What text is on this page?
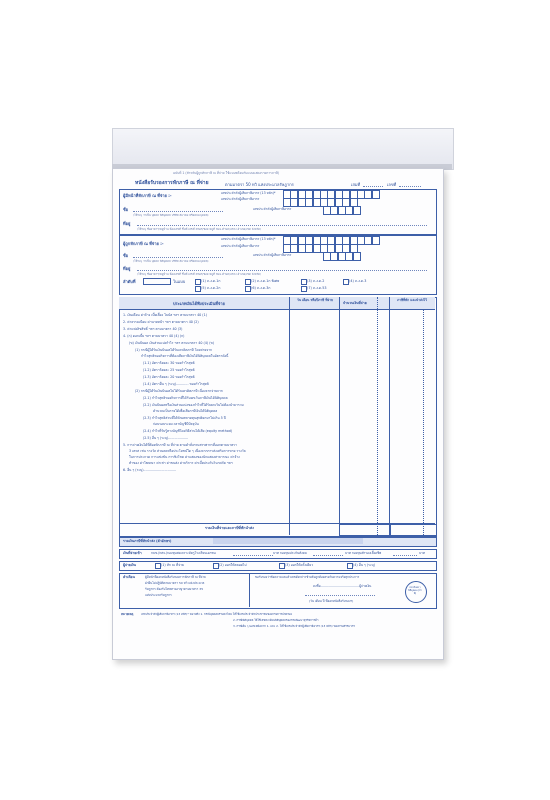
ฉบับที่ 1 (สำหรับผู้ถูกหักภาษี ณ ที่จ่าย ใช้แนบพร้อมกับแบบแสดงรายการภาษี)
หนังสือรับรองการหักภาษี ณ ที่จ่าย	ตามมาตรา 50 ทวิ แห่งประมวลรัษฎากร	เล่มที่	เลขที่
ผู้มีหน้าที่หักภาษี ณ ที่จ่าย :-	เลขประจำตัวผู้เสียภาษีอากร (13 หลัก)*
เลขประจำตัวผู้เสียภาษีอากร
ชื่อ	เลขประจำตัวผู้เสียภาษีอากร
(ให้ระบุ ว่าเป็น บุคคล นิติบุคคล บริษัท สมาคม หรือคณะบุคคล)
ที่อยู่
(ให้ระบุ ชื่ออาคาร/หมู่บ้าน ห้องเลขที่ ชั้นที่ เลขที่ ตรอก/ซอย หมู่ที่ ถนน ตำบล/แขวง อำเภอ/เขต จังหวัด)
ผู้ถูกหักภาษี ณ ที่จ่าย :-
เลขประจำตัวผู้เสียภาษีอากร (13 หลัก)*
เลขประจำตัวผู้เสียภาษีอากร
ชื่อ	เลขประจำตัวผู้เสียภาษีอากร
(ให้ระบุ ว่าเป็น บุคคล นิติบุคคล บริษัท สมาคม หรือคณะบุคคล)
ที่อยู่
(ให้ระบุ ชื่ออาคาร/หมู่บ้าน ห้องเลขที่ ชั้นที่ เลขที่ ตรอก/ซอย หมู่ที่ ถนน ตำบล/แขวง อำเภอ/เขต จังหวัด)
ลำดับที่	ในแบบ	(1) ภ.ง.ด.1ก	(2) ภ.ง.ด.1ก พิเศษ	(3) ภ.ง.ด.2	(4) ภ.ง.ด.3
(5) ภ.ง.ด.2ก	(6) ภ.ง.ด.3ก	(7) ภ.ง.ด.53
ประเภทเงินได้พึงประเมินที่จ่าย
วัน เดือน หรือปีภาษี ที่จ่าย
จำนวนเงินที่จ่าย
ภาษีที่หัก และนำส่งไว้
1. เงินเดือน ค่าจ้าง เบี้ยเลี้ยง โบนัส ฯลฯ ตามมาตรา 40 (1)
2. ค่าธรรมเนียม ค่านายหน้า ฯลฯ ตามมาตรา 40 (2)
3. ค่าแห่งลิขสิทธิ์ ฯลฯ ตามมาตรา 40 (3)
4. (ก) ดอกเบี้ย ฯลฯ ตามมาตรา 40 (4) (ก)
(ข) เงินปันผล เงินส่วนแบ่งกำไร ฯลฯ ตามมาตรา 40 (4) (ข)
(1) กรณีผู้ได้รับเงินปันผลได้รับเครดิตภาษี โดยจ่ายจาก
กำไรสุทธิของกิจการที่ต้องเสียภาษีเงินได้นิติบุคคลในอัตราดังนี้
(1.1) อัตราร้อยละ 30 ของกำไรสุทธิ
(1.2) อัตราร้อยละ 25 ของกำไรสุทธิ
(1.3) อัตราร้อยละ 20 ของกำไรสุทธิ
(1.4) อัตราอื่น ๆ (ระบุ)............ ของกำไรสุทธิ
(2) กรณีผู้ได้รับเงินปันผลไม่ได้รับเครดิตภาษี เนื่องจากจ่ายจาก
(2.1) กำไรสุทธิของกิจการที่ได้รับยกเว้นภาษีเงินได้นิติบุคคล
(2.2) เงินปันผลหรือเงินส่วนแบ่งของกำไรที่ได้รับยกเว้นไม่ต้องนำมารวม
คำนวณเป็นรายได้เพื่อเสียภาษีเงินได้นิติบุคคล
(2.3) กำไรสุทธิส่วนที่ได้หักผลขาดทุนสุทธิยกมาไม่เกิน 5 ปี
ก่อนรอบระยะเวลาบัญชีปีปัจจุบัน
(2.4) กำไรที่รับรู้ทางบัญชีโดยวิธีส่วนได้เสีย (equity method)
(2.5) อื่น ๆ (ระบุ)...................
5. การจ่ายเงินได้ที่ต้องหักภาษี ณ ที่จ่าย ตามคำสั่งกรมสรรพากรที่ออกตามมาตรา
3 เตรส เช่น รางวัล ส่วนลดหรือประโยชน์ใด ๆ เนื่องจากการส่งเสริมการขาย รางวัล
ในการประกวด การแข่งขัน การชิงโชค ค่าแสดงของนักแสดงสาธารณะ ค่าจ้าง
ทำของ ค่าโฆษณา ค่าเช่า ค่าขนส่ง ค่าบริการ ค่าเบี้ยประกันวินาศภัย ฯลฯ
6. อื่น ๆ (ระบุ)...............................
รวมเงินที่จ่ายและภาษีที่หักนำส่ง
รวมเงินภาษีที่หักนำส่ง (ตัวอักษร)
เงินที่จ่ายเข้า	กบข./กสจ./กองทุนสงเคราะห์ครูโรงเรียนเอกชน	บาท กองทุนประกันสังคม	บาท กองทุนสำรองเลี้ยงชีพ	บาท
ผู้จ่ายเงิน	(1) หัก ณ ที่จ่าย	(2) ออกให้ตลอดไป	(3) ออกให้ครั้งเดียว	(4) อื่น ๆ (ระบุ)
คำเตือน	ผู้มีหน้าที่ออกหนังสือรับรองการหักภาษี ณ ที่จ่าย
ฝ่าฝืนไม่ปฏิบัติตามมาตรา 50 ทวิ แห่งประมวล
รัษฎากร ต้องรับโทษทางอาญาตามมาตรา 35
แห่งประมวลรัษฎากร
ขอรับรองว่าข้อความและตัวเลขดังกล่าวข้างต้นถูกต้องตรงกับความจริงทุกประการ
ลงชื่อ......................................ผู้จ่ายเงิน
(วัน เดือน ปี ที่ออกหนังสือรับรองฯ)
ประทับตรา นิติบุคคล (ถ้ามี)
หมายเหตุ	เลขประจำตัวผู้เสียภาษีอากร (13 หลัก)* หมายถึง 1. กรณีบุคคลธรรมดาไทย ให้ใช้เลขประจำตัวประชาชนของกรมการปกครอง
2. กรณีนิติบุคคล ให้ใช้เลขทะเบียนนิติบุคคลของกรมพัฒนาธุรกิจการค้า
3. กรณีอื่น ๆ นอกเหนือจาก 1. และ 2. ให้ใช้เลขประจำตัวผู้เสียภาษีอากร (13 หลัก) ของกรมสรรพากร
